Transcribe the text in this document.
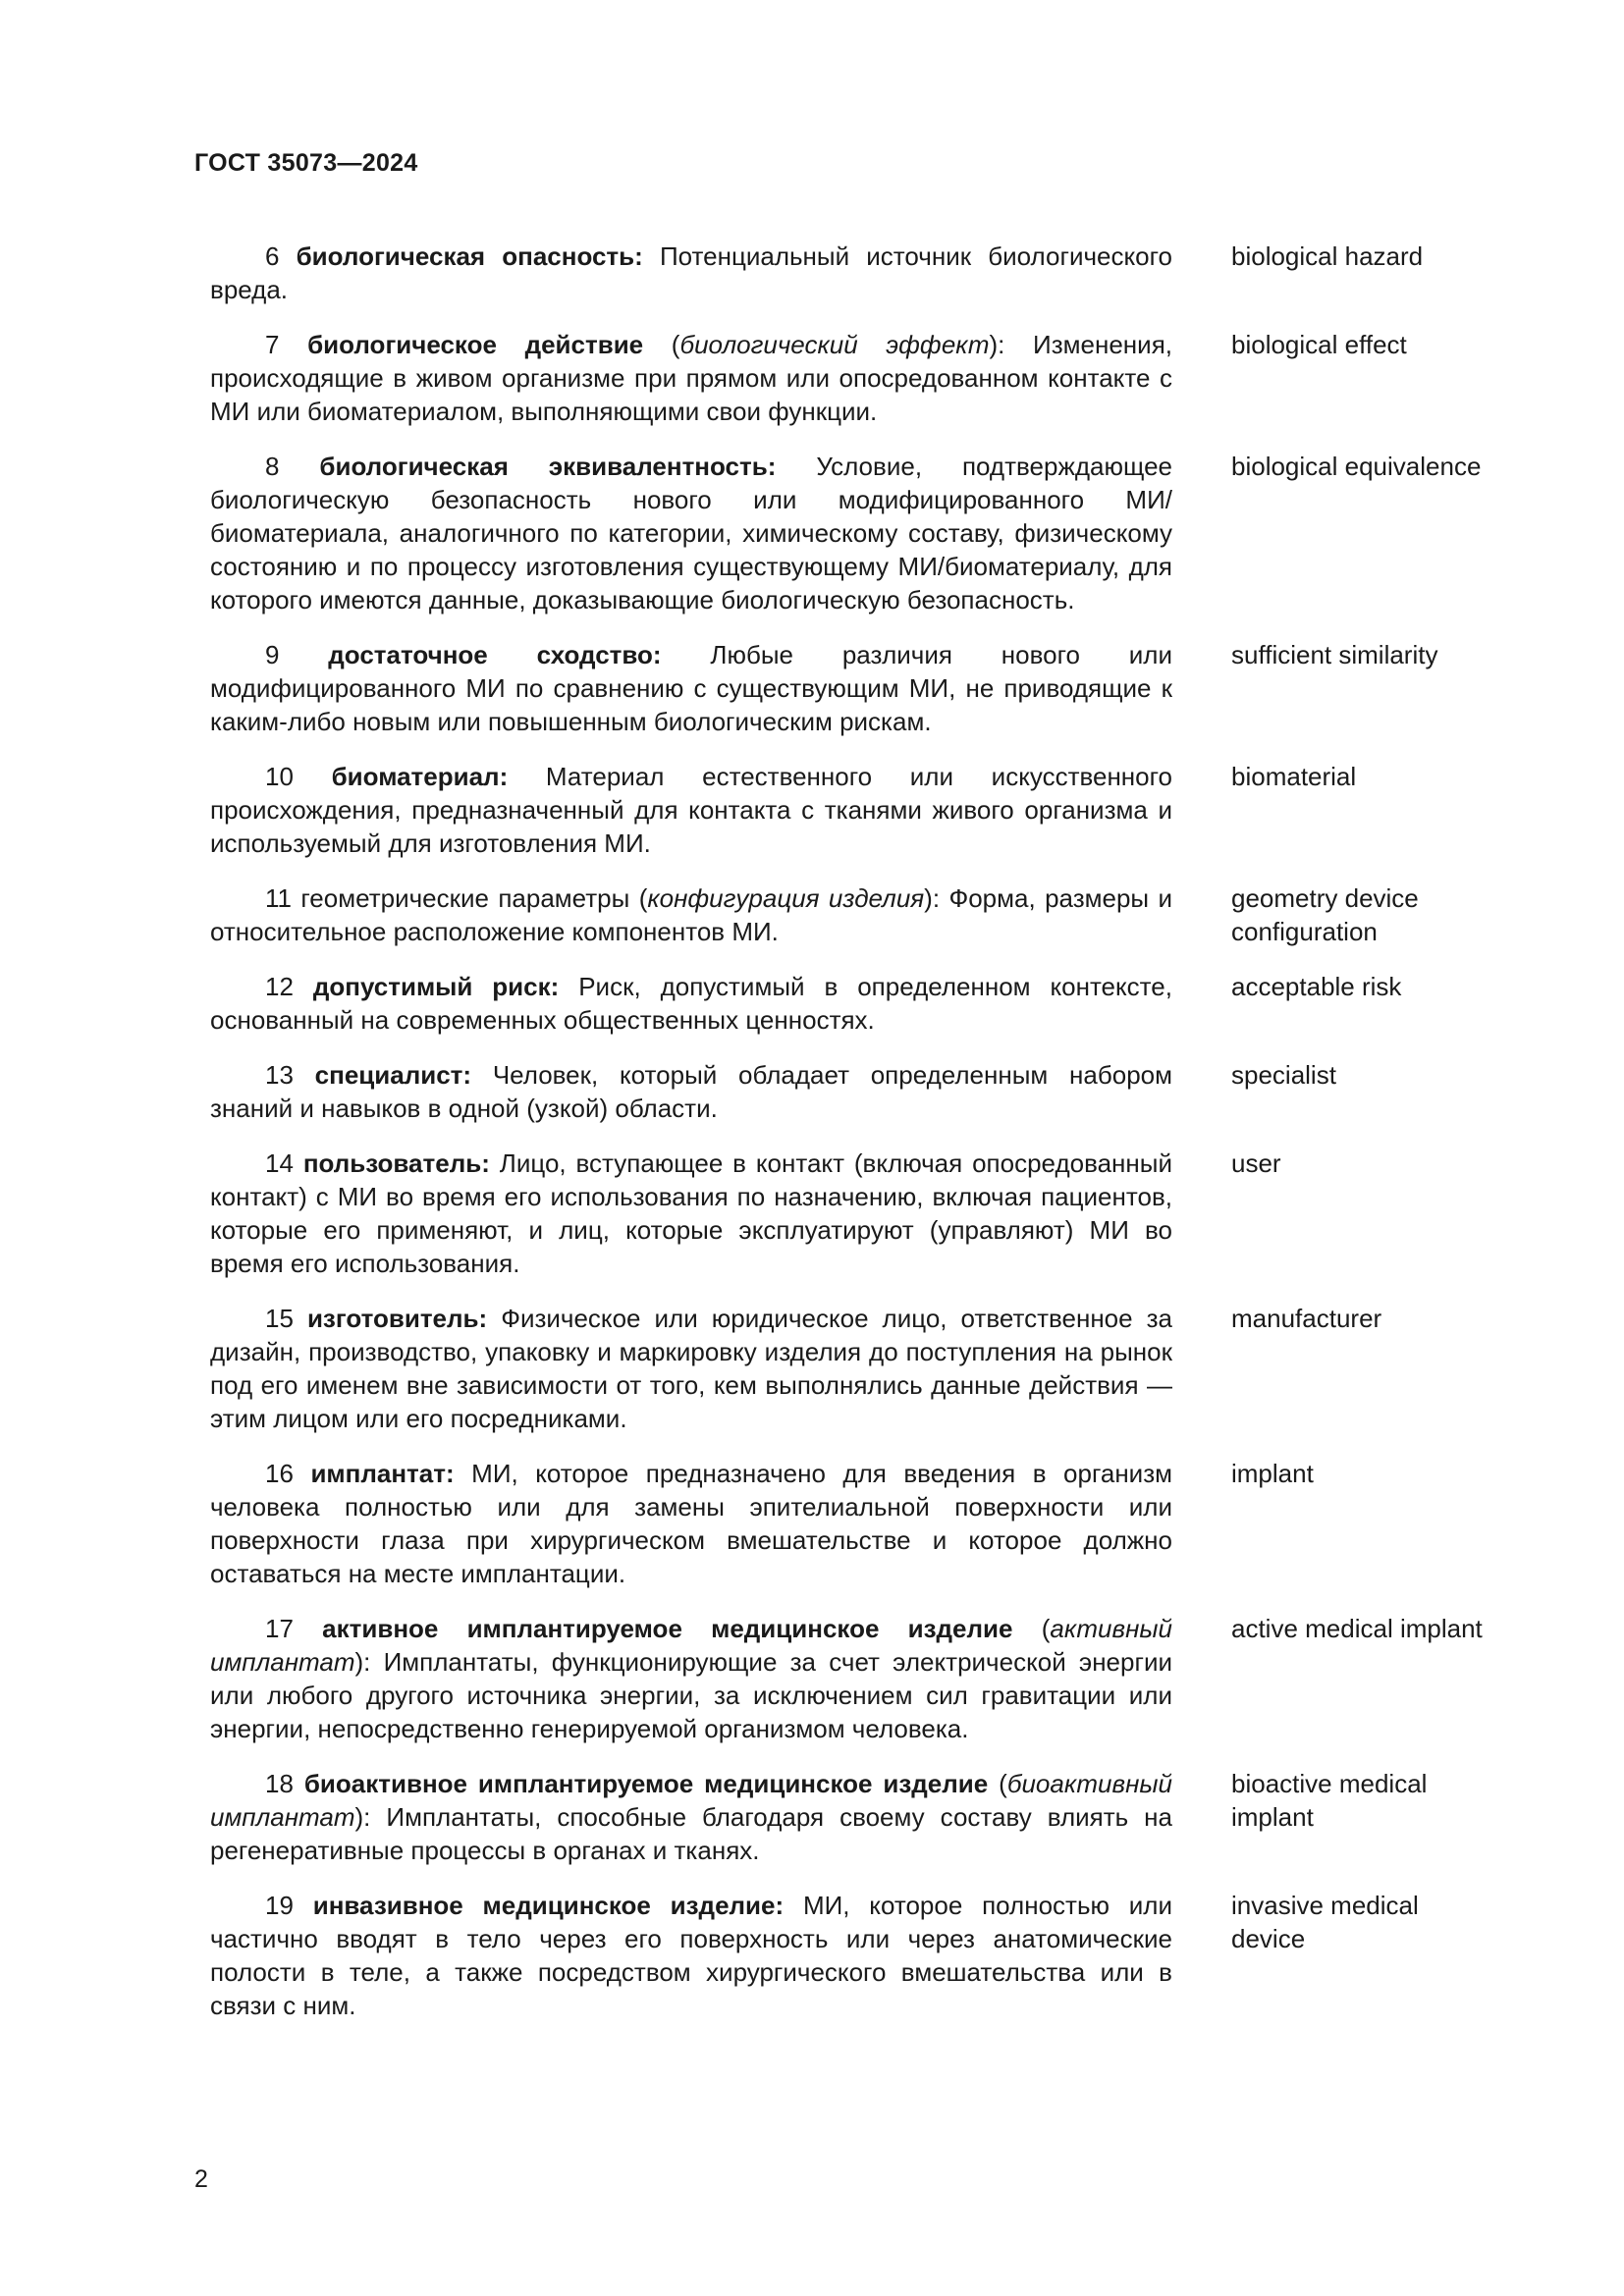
ГОСТ 35073—2024
6 биологическая опасность: Потенциальный источник биологического вреда.
biological hazard
7 биологическое действие (биологический эффект): Изменения, происходящие в живом организме при прямом или опосредованном контакте с МИ или биоматериалом, выполняющими свои функции.
biological effect
8 биологическая эквивалентность: Условие, подтверждающее биологическую безопасность нового или модифицированного МИ/биоматериала, аналогичного по категории, химическому составу, физическому состоянию и по процессу изготовления существующему МИ/биоматериалу, для которого имеются данные, доказывающие биологическую безопасность.
biological equivalence
9 достаточное сходство: Любые различия нового или модифицированного МИ по сравнению с существующим МИ, не приводящие к каким-либо новым или повышенным биологическим рискам.
sufficient similarity
10 биоматериал: Материал естественного или искусственного происхождения, предназначенный для контакта с тканями живого организма и используемый для изготовления МИ.
biomaterial
11 геометрические параметры (конфигурация изделия): Форма, размеры и относительное расположение компонентов МИ.
geometry device configuration
12 допустимый риск: Риск, допустимый в определенном контексте, основанный на современных общественных ценностях.
acceptable risk
13 специалист: Человек, который обладает определенным набором знаний и навыков в одной (узкой) области.
specialist
14 пользователь: Лицо, вступающее в контакт (включая опосредованный контакт) с МИ во время его использования по назначению, включая пациентов, которые его применяют, и лиц, которые эксплуатируют (управляют) МИ во время его использования.
user
15 изготовитель: Физическое или юридическое лицо, ответственное за дизайн, производство, упаковку и маркировку изделия до поступления на рынок под его именем вне зависимости от того, кем выполнялись данные действия — этим лицом или его посредниками.
manufacturer
16 имплантат: МИ, которое предназначено для введения в организм человека полностью или для замены эпителиальной поверхности или поверхности глаза при хирургическом вмешательстве и которое должно оставаться на месте имплантации.
implant
17 активное имплантируемое медицинское изделие (активный имплантат): Имплантаты, функционирующие за счет электрической энергии или любого другого источника энергии, за исключением сил гравитации или энергии, непосредственно генерируемой организмом человека.
active medical implant
18 биоактивное имплантируемое медицинское изделие (биоактивный имплантат): Имплантаты, способные благодаря своему составу влиять на регенеративные процессы в органах и тканях.
bioactive medical implant
19 инвазивное медицинское изделие: МИ, которое полностью или частично вводят в тело через его поверхность или через анатомические полости в теле, а также посредством хирургического вмешательства или в связи с ним.
invasive medical device
2
